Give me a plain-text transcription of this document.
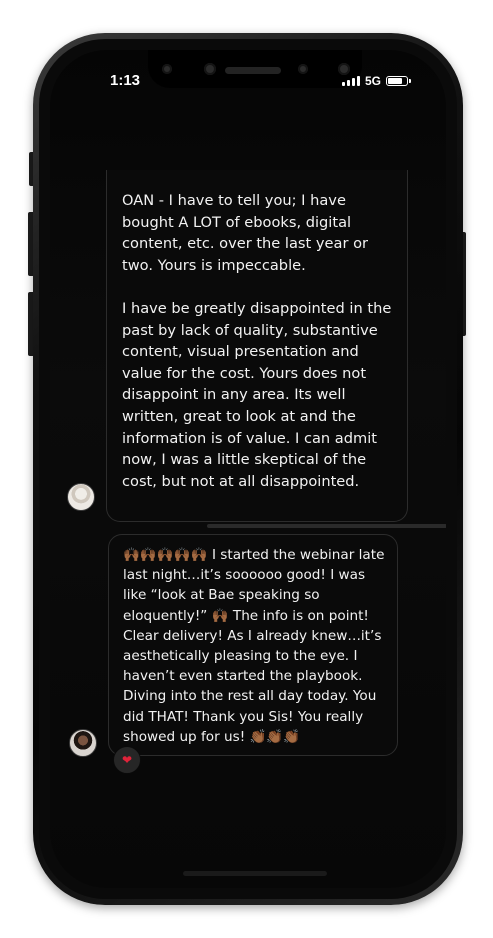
1:13	5G

OAN - I have to tell you; I have bought A LOT of ebooks, digital content, etc. over the last year or two. Yours is impeccable.

I have be greatly disappointed in the past by lack of quality, substantive content, visual presentation and value for the cost. Yours does not disappoint in any area. Its well written, great to look at and the information is of value. I can admit now, I was a little skeptical of the cost, but not at all disappointed.

🙌🏾🙌🏾🙌🏾🙌🏾🙌🏾 I started the webinar late last night…it’s soooooo good! I was like “look at Bae speaking so eloquently!” 🙌🏾 The info is on point! Clear delivery! As I already knew…it’s aesthetically pleasing to the eye. I haven’t even started the playbook. Diving into the rest all day today. You did THAT! Thank you Sis! You really showed up for us! 👏🏾👏🏾👏🏾
❤
